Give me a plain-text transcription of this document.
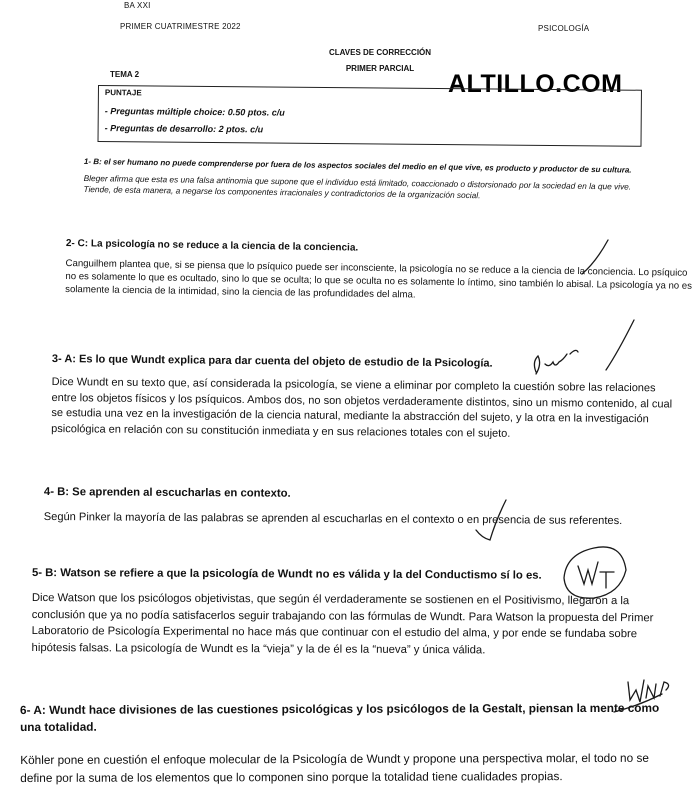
BA XXI
PRIMER CUATRIMESTRE 2022	PSICOLOGÍA
CLAVES DE CORRECCIÓN
PRIMER PARCIAL
TEMA 2	ALTILLO.COM
PUNTAJE
- Preguntas múltiple choice: 0.50 ptos. c/u
- Preguntas de desarrollo: 2 ptos. c/u
1- B: el ser humano no puede comprenderse por fuera de los aspectos sociales del medio en el que vive, es producto y productor de su cultura.
Bleger afirma que esta es una falsa antinomia que supone que el individuo está limitado, coaccionado o distorsionado por la sociedad en la que vive. Tiende, de esta manera, a negarse los componentes irracionales y contradictorios de la organización social.
2- C: La psicología no se reduce a la ciencia de la conciencia.
Canguilhem plantea que, si se piensa que lo psíquico puede ser inconsciente, la psicología no se reduce a la ciencia de la conciencia. Lo psíquico no es solamente lo que es ocultado, sino lo que se oculta; lo que se oculta no es solamente lo íntimo, sino también lo abisal. La psicología ya no es solamente la ciencia de la intimidad, sino la ciencia de las profundidades del alma.
3- A: Es lo que Wundt explica para dar cuenta del objeto de estudio de la Psicología.
Dice Wundt en su texto que, así considerada la psicología, se viene a eliminar por completo la cuestión sobre las relaciones entre los objetos físicos y los psíquicos. Ambos dos, no son objetos verdaderamente distintos, sino un mismo contenido, al cual se estudia una vez en la investigación de la ciencia natural, mediante la abstracción del sujeto, y la otra en la investigación psicológica en relación con su constitución inmediata y en sus relaciones totales con el sujeto.
4- B: Se aprenden al escucharlas en contexto.
Según Pinker la mayoría de las palabras se aprenden al escucharlas en el contexto o en presencia de sus referentes.
5- B: Watson se refiere a que la psicología de Wundt no es válida y la del Conductismo sí lo es.
Dice Watson que los psicólogos objetivistas, que según él verdaderamente se sostienen en el Positivismo, llegaron a la conclusión que ya no podía satisfacerlos seguir trabajando con las fórmulas de Wundt. Para Watson la propuesta del Primer Laboratorio de Psicología Experimental no hace más que continuar con el estudio del alma, y por ende se fundaba sobre hipótesis falsas. La psicología de Wundt es la “vieja” y la de él es la “nueva” y única válida.
6- A: Wundt hace divisiones de las cuestiones psicológicas y los psicólogos de la Gestalt, piensan la mente como una totalidad.
Köhler pone en cuestión el enfoque molecular de la Psicología de Wundt y propone una perspectiva molar, el todo no se define por la suma de los elementos que lo componen sino porque la totalidad tiene cualidades propias.
